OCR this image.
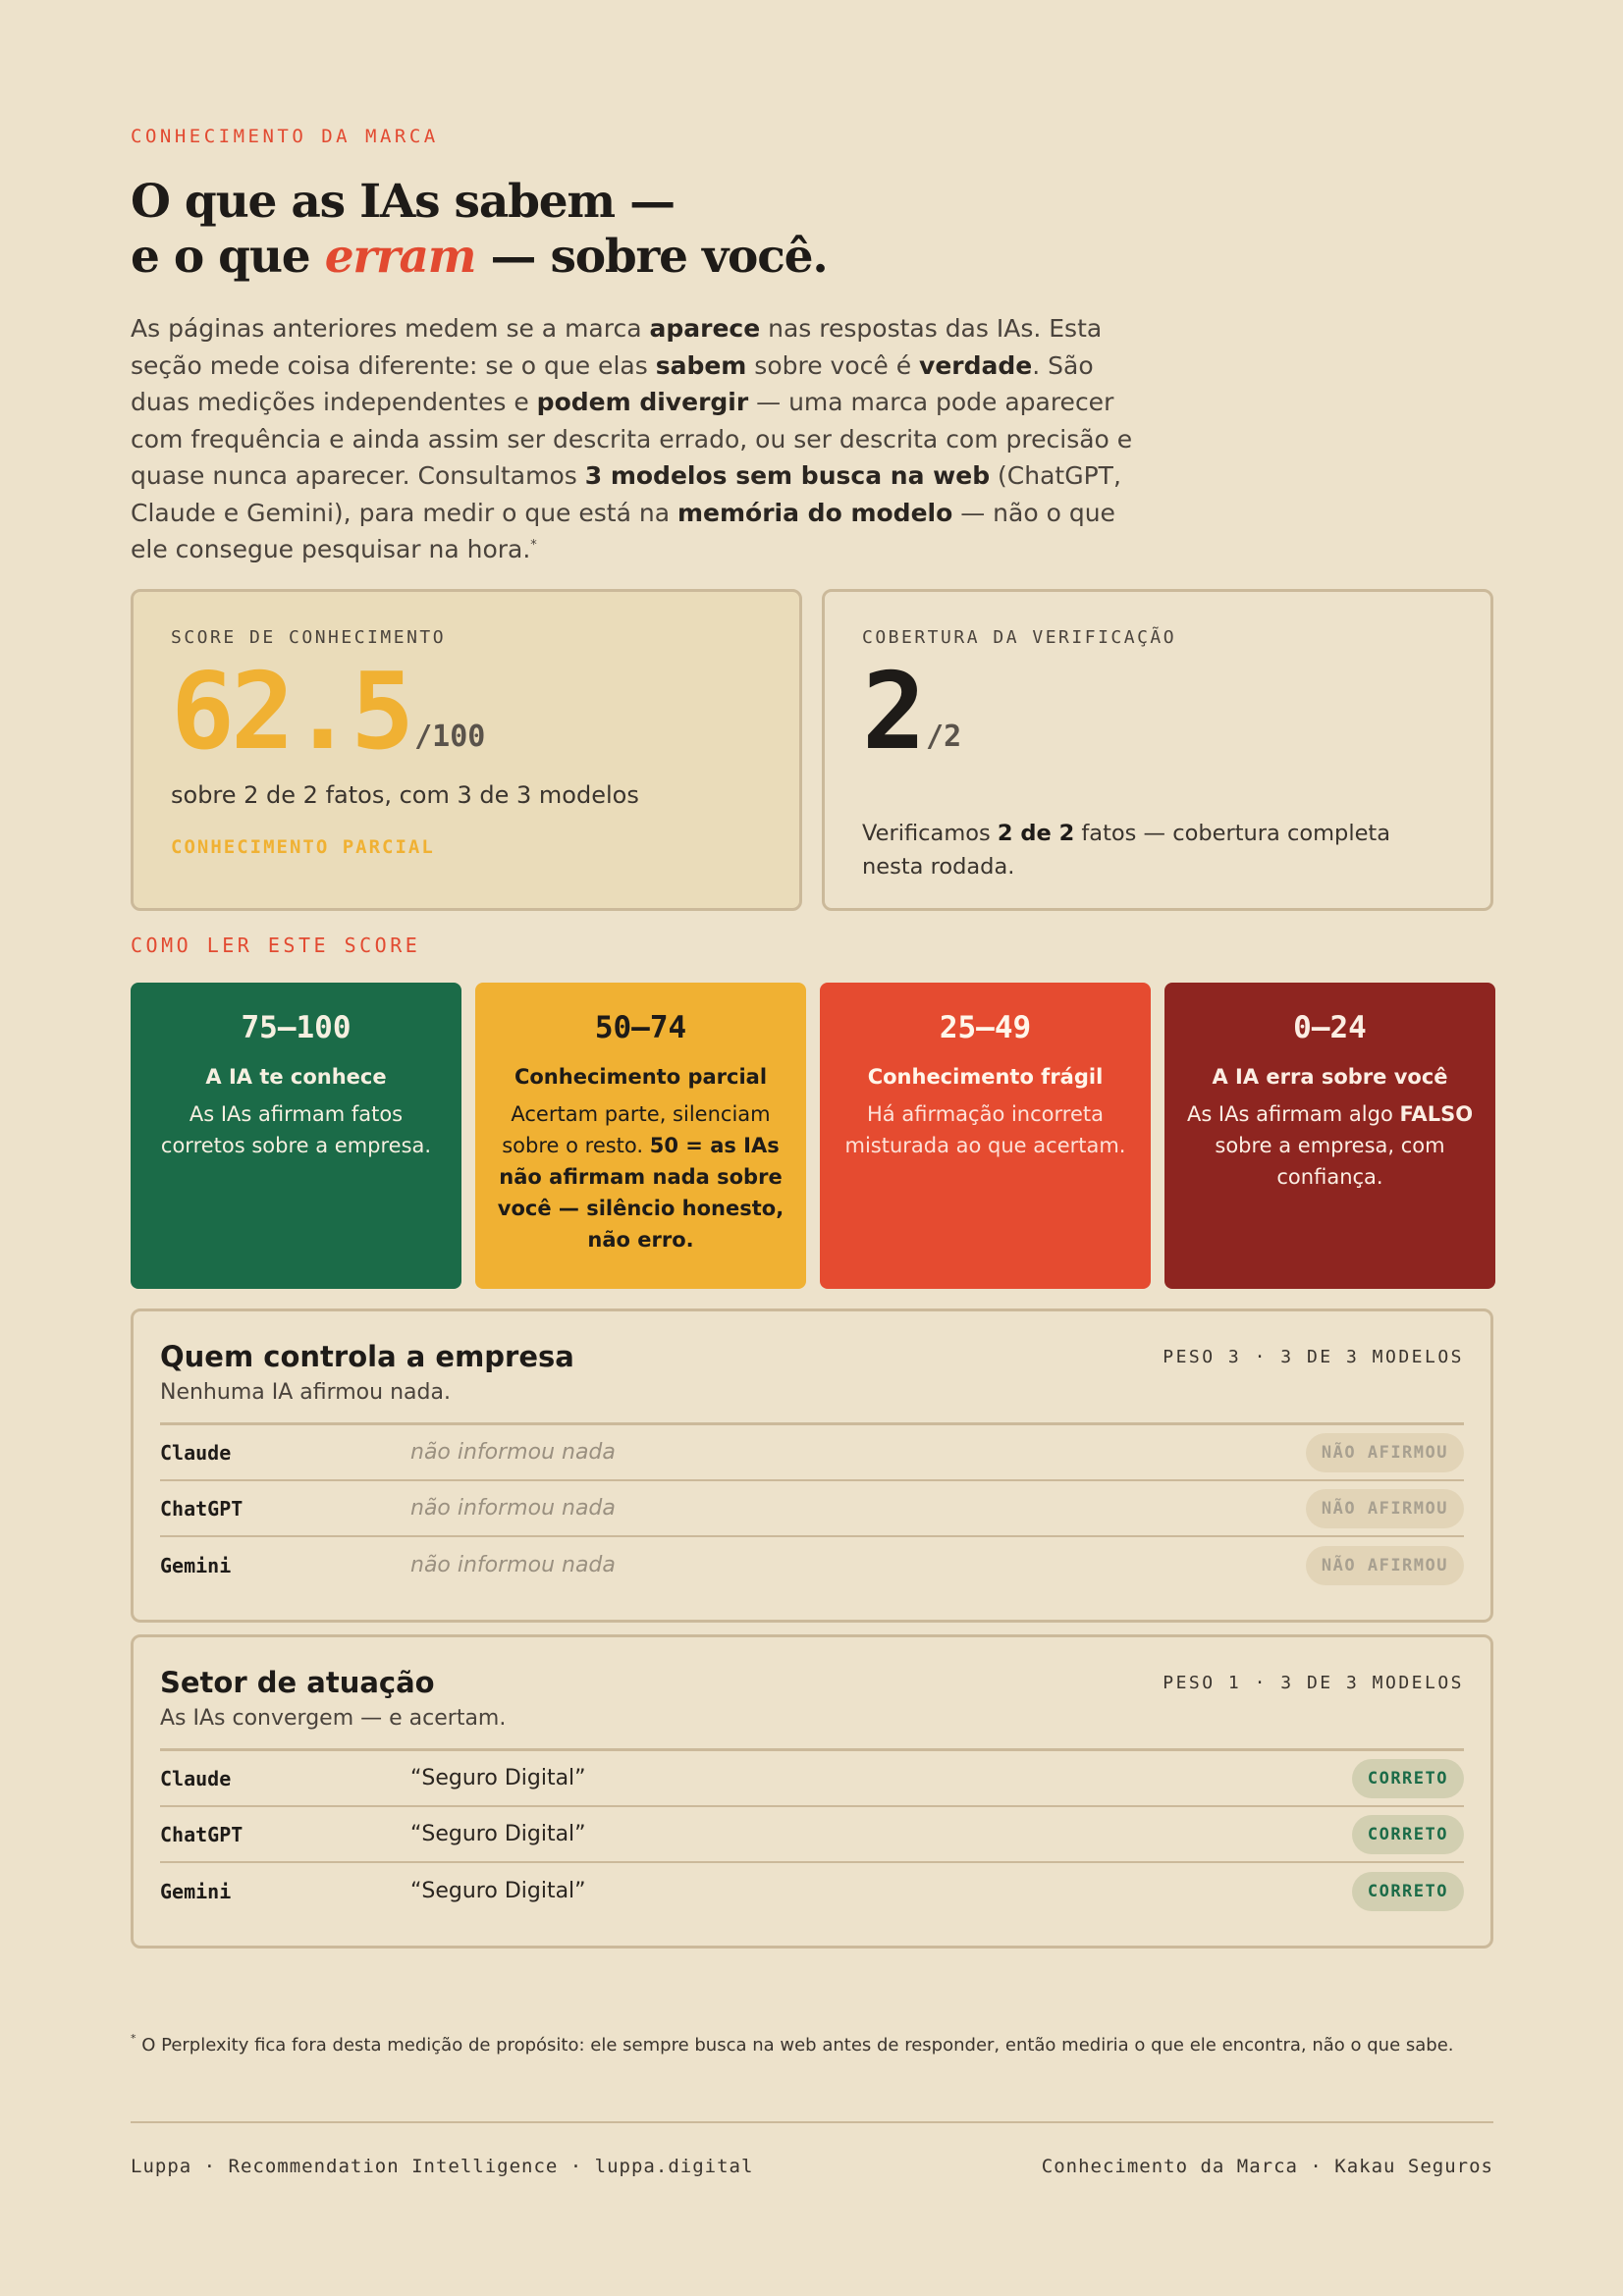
CONHECIMENTO DA MARCA
O que as IAs sabem —
e o que erram — sobre você.

As páginas anteriores medem se a marca aparece nas respostas das IAs. Esta seção mede coisa diferente: se o que elas sabem sobre você é verdade. São duas medições independentes e podem divergir — uma marca pode aparecer com frequência e ainda assim ser descrita errado, ou ser descrita com precisão e quase nunca aparecer. Consultamos 3 modelos sem busca na web (ChatGPT, Claude e Gemini), para medir o que está na memória do modelo — não o que ele consegue pesquisar na hora.*

SCORE DE CONHECIMENTO
62.5 /100
sobre 2 de 2 fatos, com 3 de 3 modelos
CONHECIMENTO PARCIAL
COBERTURA DA VERIFICAÇÃO
2 /2
Verificamos 2 de 2 fatos — cobertura completa nesta rodada.
COMO LER ESTE SCORE
75–100
A IA te conhece
As IAs afirmam fatos corretos sobre a empresa.
50–74
Conhecimento parcial
Acertam parte, silenciam sobre o resto. 50 = as IAs não afirmam nada sobre você — silêncio honesto, não erro.
25–49
Conhecimento frágil
Há afirmação incorreta misturada ao que acertam.
0–24
A IA erra sobre você
As IAs afirmam algo FALSO sobre a empresa, com confiança.
Quem controla a empresa	PESO 3 · 3 DE 3 MODELOS
Nenhuma IA afirmou nada.
Claude	não informou nada	NÃO AFIRMOU
ChatGPT	não informou nada	NÃO AFIRMOU
Gemini	não informou nada	NÃO AFIRMOU
Setor de atuação	PESO 1 · 3 DE 3 MODELOS
As IAs convergem — e acertam.
Claude	“Seguro Digital”	CORRETO
ChatGPT	“Seguro Digital”	CORRETO
Gemini	“Seguro Digital”	CORRETO
* O Perplexity fica fora desta medição de propósito: ele sempre busca na web antes de responder, então mediria o que ele encontra, não o que sabe.
Luppa · Recommendation Intelligence · luppa.digital	Conhecimento da Marca · Kakau Seguros
